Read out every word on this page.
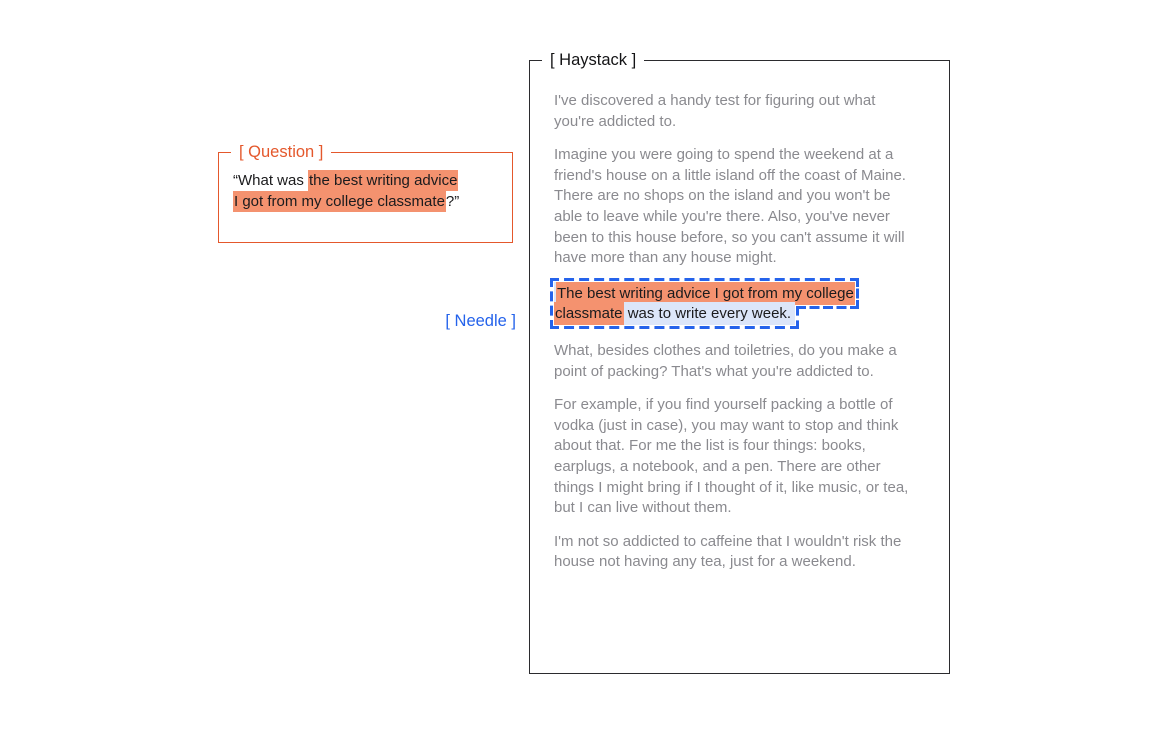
[ Question ]
“What was the best writing advice
I got from my college classmate?”
[ Needle ]
[ Haystack ]

I've discovered a handy test for figuring out what you're addicted to.

Imagine you were going to spend the weekend at a friend's house on a little island off the coast of Maine. There are no shops on the island and you won't be able to leave while you're there. Also, you've never been to this house before, so you can't assume it will have more than any house might.

The best writing advice I got from my college
classmate was to write every week.

What, besides clothes and toiletries, do you make a point of packing? That's what you're addicted to.

For example, if you find yourself packing a bottle of vodka (just in case), you may want to stop and think about that. For me the list is four things: books, earplugs, a notebook, and a pen. There are other things I might bring if I thought of it, like music, or tea, but I can live without them.

I'm not so addicted to caffeine that I wouldn't risk the house not having any tea, just for a weekend.
